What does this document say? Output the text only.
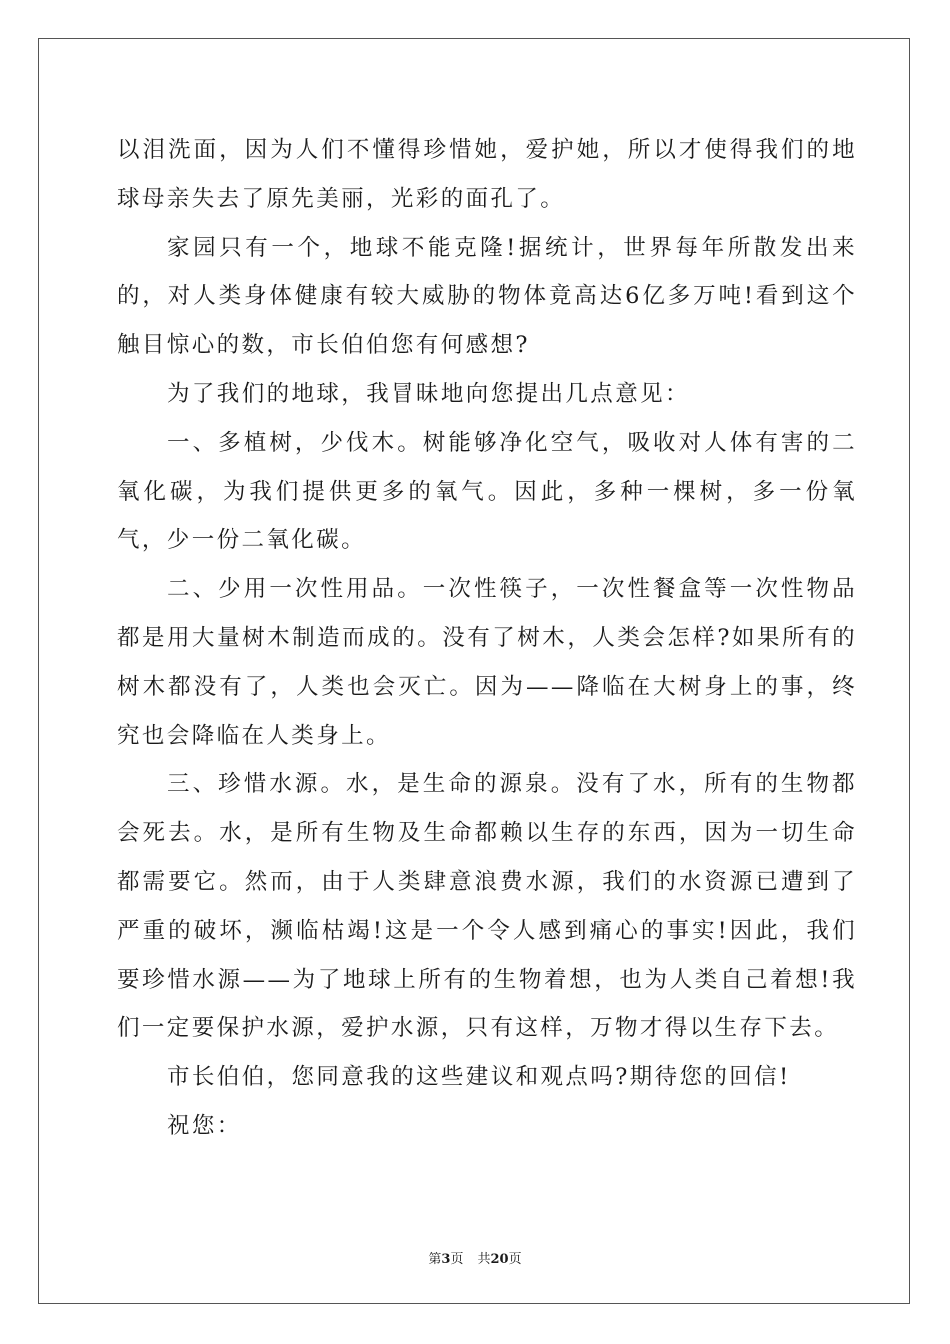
以泪洗面，因为人们不懂得珍惜她，爱护她，所以才使得我们的地球母亲失去了原先美丽，光彩的面孔了。

家园只有一个，地球不能克隆!据统计，世界每年所散发出来的，对人类身体健康有较大威胁的物体竟高达6亿多万吨!看到这个触目惊心的数，市长伯伯您有何感想?

为了我们的地球，我冒昧地向您提出几点意见：

一、多植树，少伐木。树能够净化空气，吸收对人体有害的二氧化碳，为我们提供更多的氧气。因此，多种一棵树，多一份氧气，少一份二氧化碳。

二、少用一次性用品。一次性筷子，一次性餐盒等一次性物品都是用大量树木制造而成的。没有了树木，人类会怎样?如果所有的树木都没有了，人类也会灭亡。因为——降临在大树身上的事，终究也会降临在人类身上。

三、珍惜水源。水，是生命的源泉。没有了水，所有的生物都会死去。水，是所有生物及生命都赖以生存的东西，因为一切生命都需要它。然而，由于人类肆意浪费水源，我们的水资源已遭到了严重的破坏，濒临枯竭!这是一个令人感到痛心的事实!因此，我们要珍惜水源——为了地球上所有的生物着想，也为人类自己着想!我们一定要保护水源，爱护水源，只有这样，万物才得以生存下去。

市长伯伯，您同意我的这些建议和观点吗?期待您的回信!

祝您：

第3页 共20页
